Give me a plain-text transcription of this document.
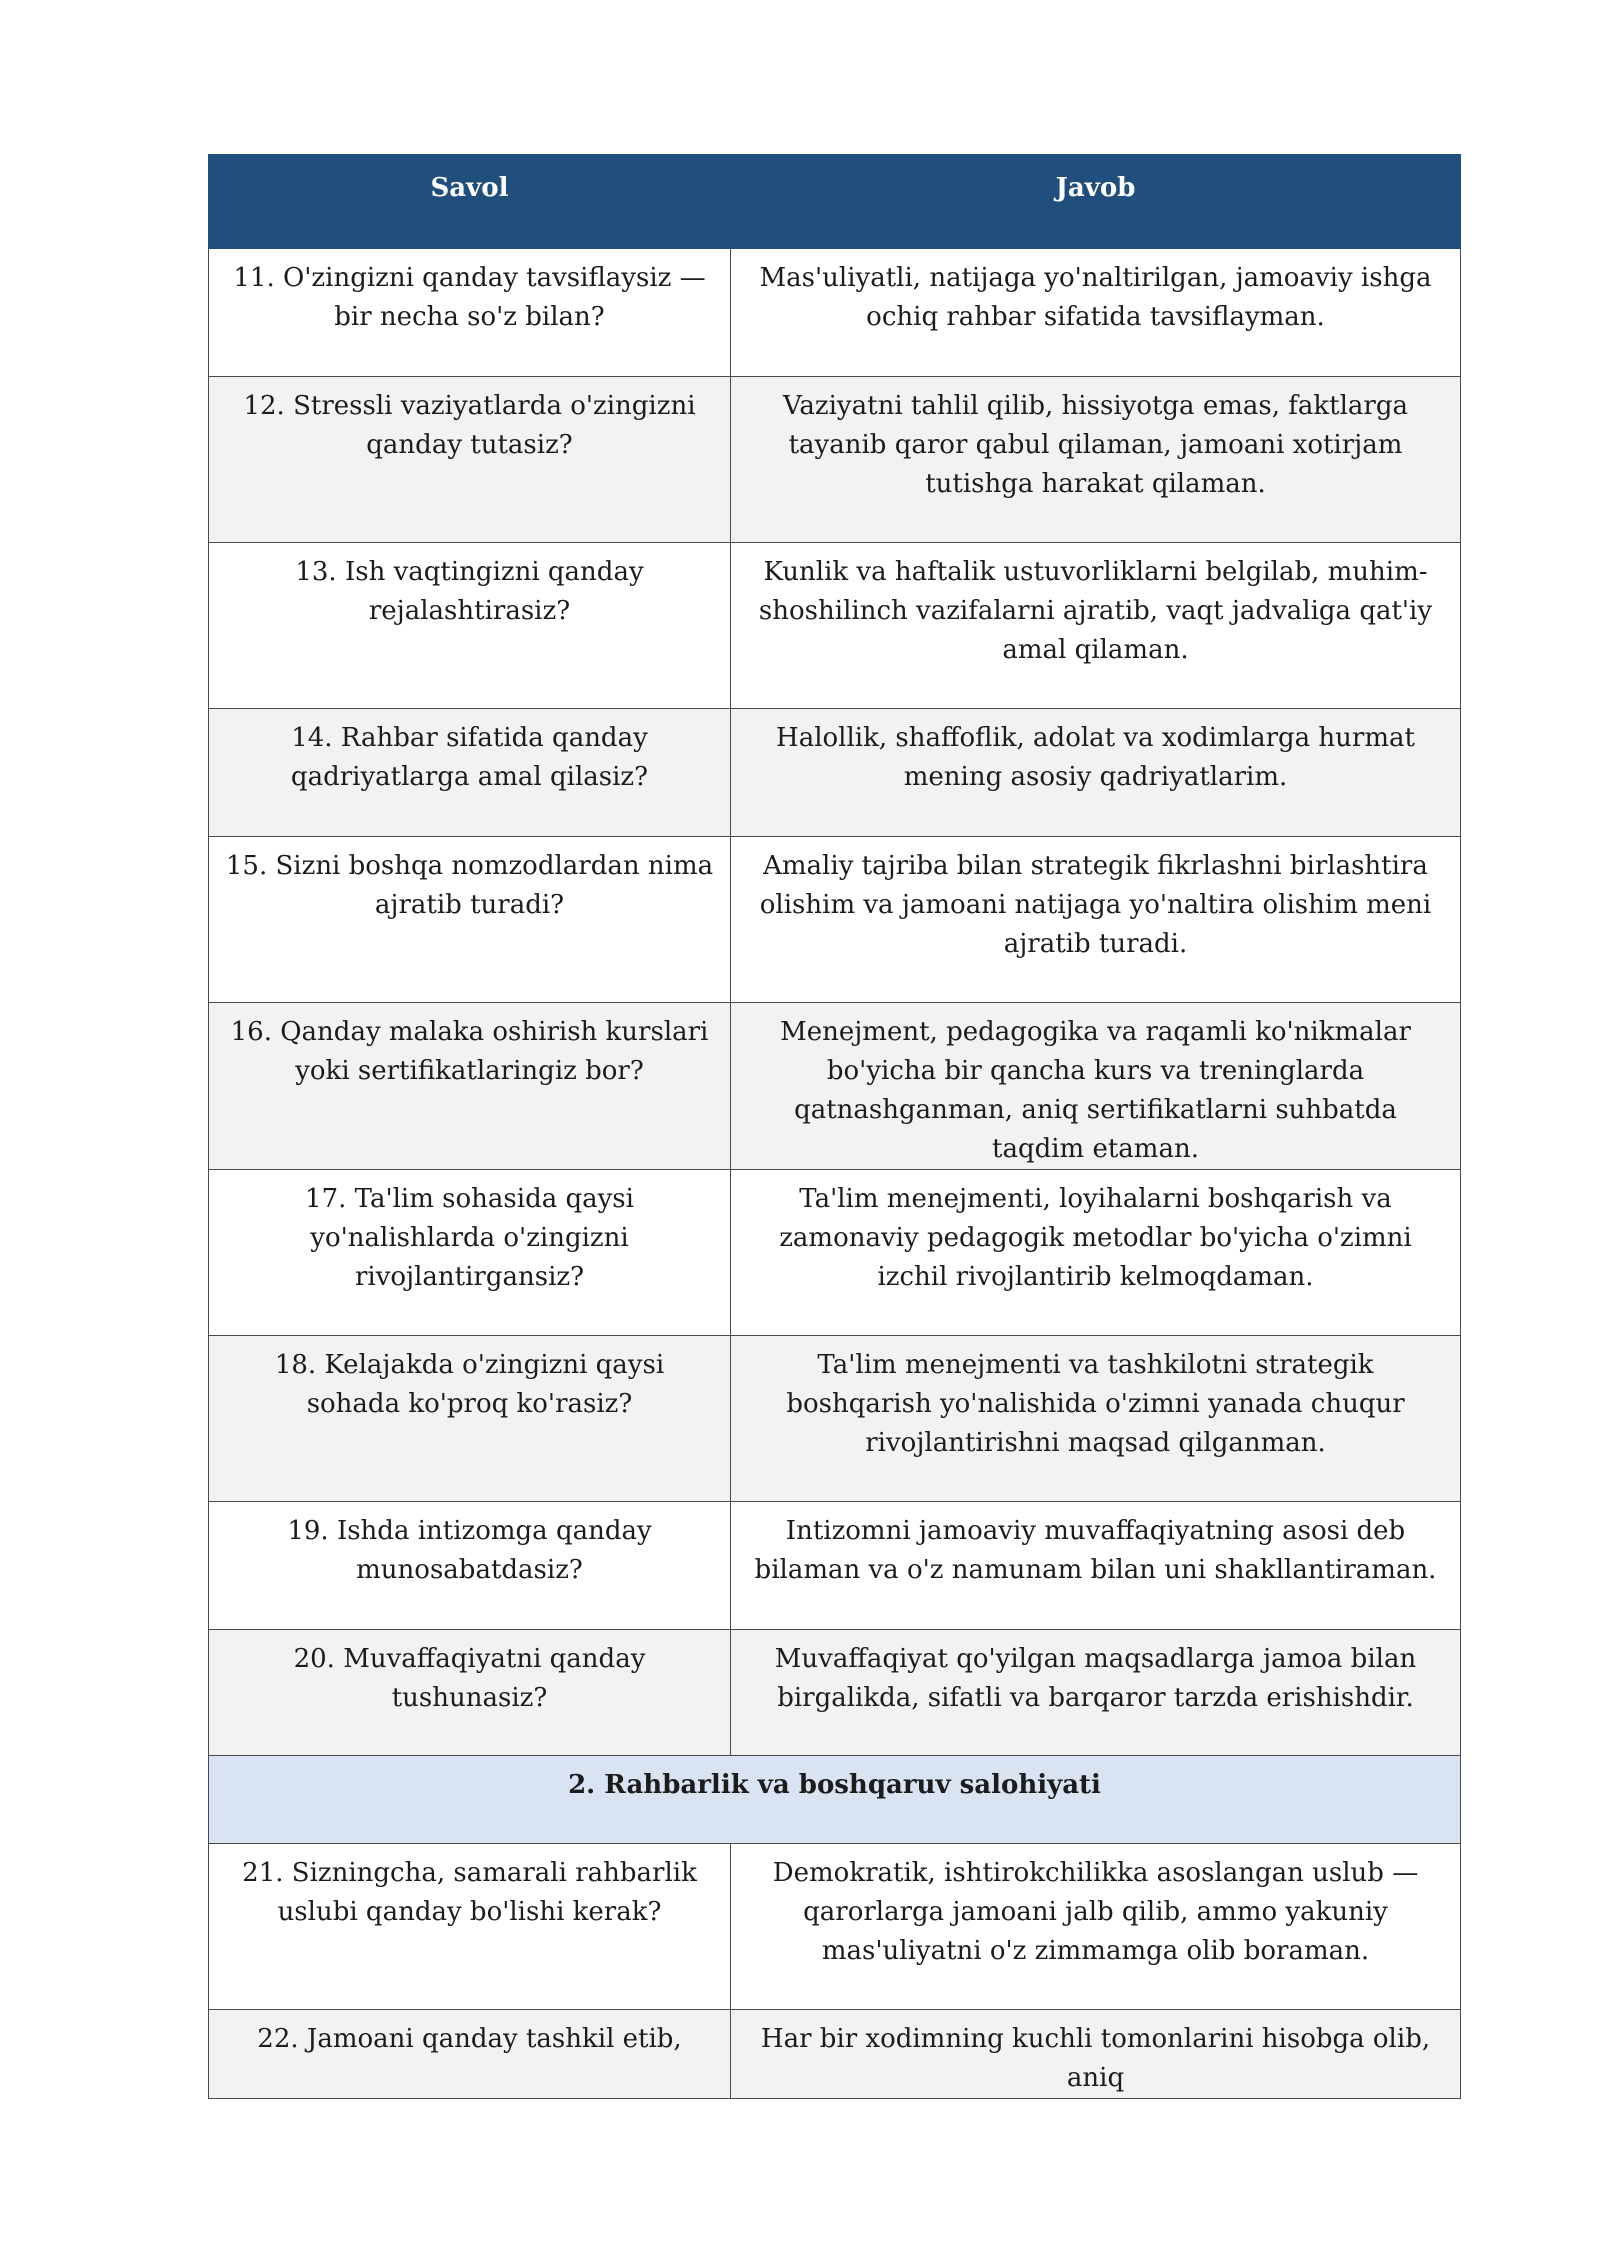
Savol	Javob
11. O'zingizni qanday tavsiflaysiz — bir necha so'z bilan?	Mas'uliyatli, natijaga yo'naltirilgan, jamoaviy ishga ochiq rahbar sifatida tavsiflayman.
12. Stressli vaziyatlarda o'zingizni qanday tutasiz?	Vaziyatni tahlil qilib, hissiyotga emas, faktlarga tayanib qaror qabul qilaman, jamoani xotirjam tutishga harakat qilaman.
13. Ish vaqtingizni qanday rejalashtirasiz?	Kunlik va haftalik ustuvorliklarni belgilab, muhim-shoshilinch vazifalarni ajratib, vaqt jadvaliga qat'iy amal qilaman.
14. Rahbar sifatida qanday qadriyatlarga amal qilasiz?	Halollik, shaffoflik, adolat va xodimlarga hurmat mening asosiy qadriyatlarim.
15. Sizni boshqa nomzodlardan nima ajratib turadi?	Amaliy tajriba bilan strategik fikrlashni birlashtira olishim va jamoani natijaga yo'naltira olishim meni ajratib turadi.
16. Qanday malaka oshirish kurslari yoki sertifikatlaringiz bor?	Menejment, pedagogika va raqamli ko'nikmalar bo'yicha bir qancha kurs va treninglarda qatnashganman, aniq sertifikatlarni suhbatda taqdim etaman.
17. Ta'lim sohasida qaysi yo'nalishlarda o'zingizni rivojlantirgansiz?	Ta'lim menejmenti, loyihalarni boshqarish va zamonaviy pedagogik metodlar bo'yicha o'zimni izchil rivojlantirib kelmoqdaman.
18. Kelajakda o'zingizni qaysi sohada ko'proq ko'rasiz?	Ta'lim menejmenti va tashkilotni strategik boshqarish yo'nalishida o'zimni yanada chuqur rivojlantirishni maqsad qilganman.
19. Ishda intizomga qanday munosabatdasiz?	Intizomni jamoaviy muvaffaqiyatning asosi deb bilaman va o'z namunam bilan uni shakllantiraman.
20. Muvaffaqiyatni qanday tushunasiz?	Muvaffaqiyat qo'yilgan maqsadlarga jamoa bilan birgalikda, sifatli va barqaror tarzda erishishdir.
2. Rahbarlik va boshqaruv salohiyati	
21. Sizningcha, samarali rahbarlik uslubi qanday bo'lishi kerak?	Demokratik, ishtirokchilikka asoslangan uslub — qarorlarga jamoani jalb qilib, ammo yakuniy mas'uliyatni o'z zimmamga olib boraman.
22. Jamoani qanday tashkil etib,	Har bir xodimning kuchli tomonlarini hisobga olib, aniq
